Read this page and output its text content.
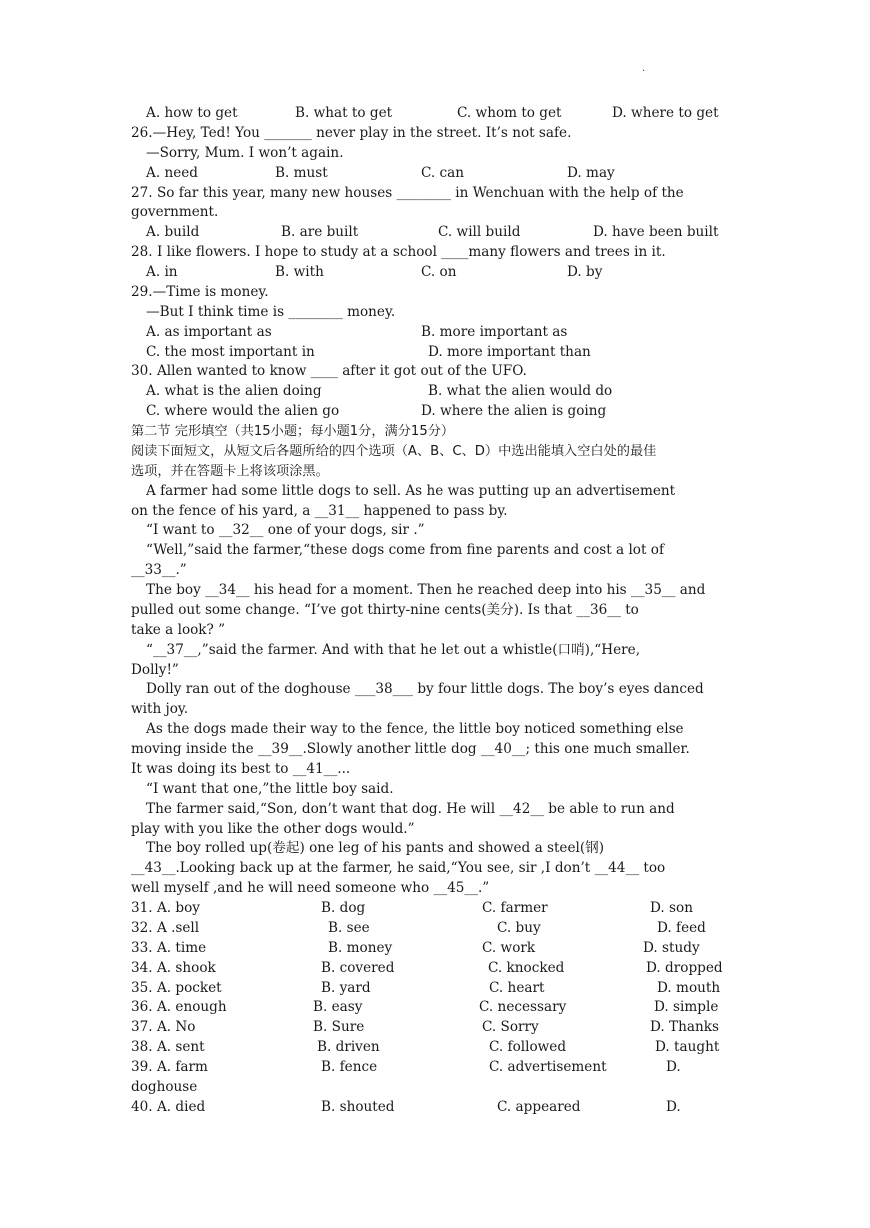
·

A. how to get

	B. what to get

	C. whom to get

	D. where to get

26.—Hey, Ted! You _______ never play in the street. It’s not safe.
—Sorry, Mum. I won’t again.

A. need

	B. must

	C. can

	D. may

27. So far this year, many new houses ________ in Wenchuan with the help of the
government.

A. build

	B. are built

	C. will build

	D. have been built

28. I like flowers. I hope to study at a school ____many flowers and trees in it.

A. in

	B. with

	C. on

	D. by

29.—Time is money.
—But I think time is ________ money.

A. as important as

	B. more important as

C. the most important in

	D. more important than

30. Allen wanted to know ____ after it got out of the UFO.

A. what is the alien doing

	B. what the alien would do

C. where would the alien go

	D. where the alien is going

第二节 完形填空（共15小题；每小题1分，满分15分）
阅读下面短文，从短文后各题所给的四个选项（A、B、C、D）中选出能填入空白处的最佳
选项，并在答题卡上将该项涂黑。
A farmer had some little dogs to sell. As he was putting up an advertisement
on the fence of his yard, a __31__ happened to pass by.
“I want to __32__ one of your dogs, sir .”
“Well,”said the farmer,“these dogs come from fine parents and cost a lot of
__33__.”
The boy __34__ his head for a moment. Then he reached deep into his __35__ and
pulled out some change. “I’ve got thirty-nine cents(美分). Is that __36__ to
take a look? ”
“__37__,”said the farmer. And with that he let out a whistle(口哨),“Here,
Dolly!”
Dolly ran out of the doghouse ___38___ by four little dogs. The boy’s eyes danced
with joy.
As the dogs made their way to the fence, the little boy noticed something else
moving inside the __39__.Slowly another little dog __40__; this one much smaller.
It was doing its best to __41__...
“I want that one,”the little boy said.
The farmer said,“Son, don’t want that dog. He will __42__ be able to run and
play with you like the other dogs would.”
The boy rolled up(卷起) one leg of his pants and showed a steel(钢)
__43__.Looking back up at the farmer, he said,“You see, sir ,I don’t __44__ too
well myself ,and he will need someone who __45__.”

31. A. boy

	B. dog

	C. farmer

	D. son

32. A .sell

	B. see

	C. buy

	D. feed

33. A. time

	B. money

	C. work

	D. study

34. A. shook

	B. covered

	C. knocked

	D. dropped

35. A. pocket

	B. yard

	C. heart

	D. mouth

36. A. enough

	B. easy

	C. necessary

	D. simple

37. A. No

	B. Sure

	C. Sorry

	D. Thanks

38. A. sent

	B. driven

	C. followed

	D. taught

39. A. farm

	B. fence

	C. advertisement

	D.

doghouse

40. A. died

	B. shouted

	C. appeared

	D.
